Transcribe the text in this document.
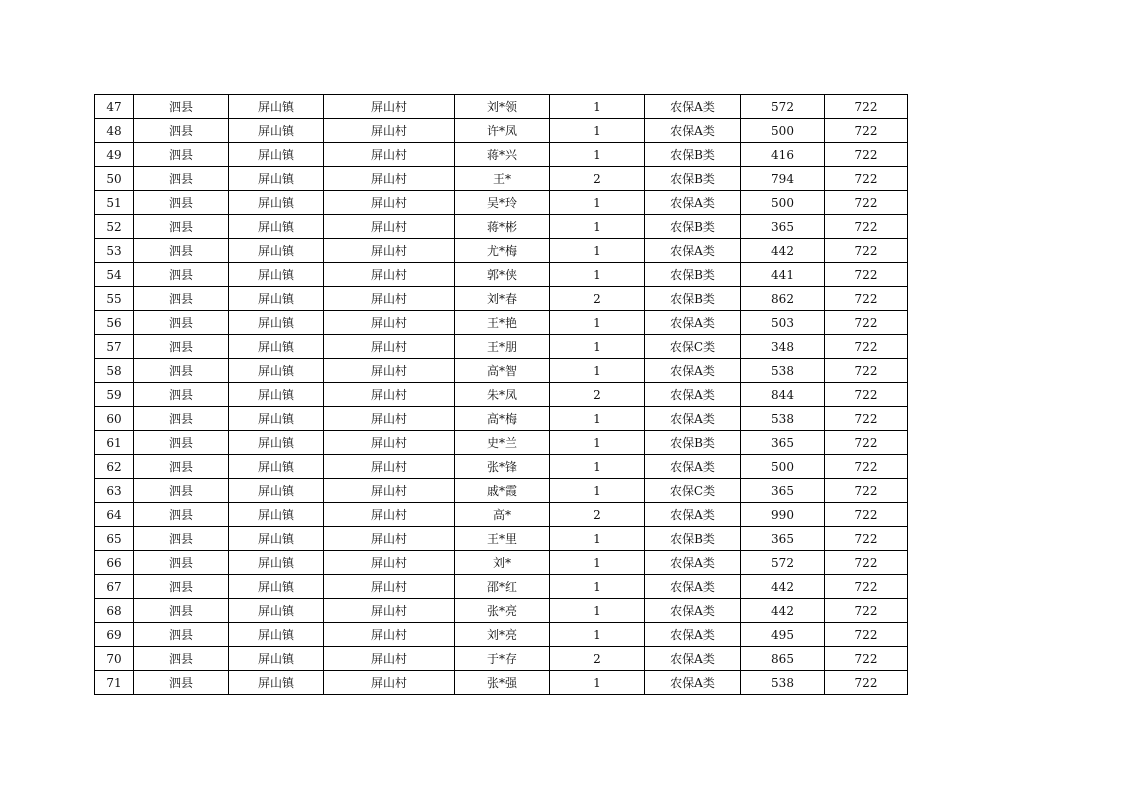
47	泗县	屏山镇	屏山村	刘*领	1	农保A类	572	722
48	泗县	屏山镇	屏山村	许*凤	1	农保A类	500	722
49	泗县	屏山镇	屏山村	蒋*兴	1	农保B类	416	722
50	泗县	屏山镇	屏山村	王*	2	农保B类	794	722
51	泗县	屏山镇	屏山村	吴*玲	1	农保A类	500	722
52	泗县	屏山镇	屏山村	蒋*彬	1	农保B类	365	722
53	泗县	屏山镇	屏山村	尤*梅	1	农保A类	442	722
54	泗县	屏山镇	屏山村	郭*侠	1	农保B类	441	722
55	泗县	屏山镇	屏山村	刘*春	2	农保B类	862	722
56	泗县	屏山镇	屏山村	王*艳	1	农保A类	503	722
57	泗县	屏山镇	屏山村	王*朋	1	农保C类	348	722
58	泗县	屏山镇	屏山村	高*智	1	农保A类	538	722
59	泗县	屏山镇	屏山村	朱*凤	2	农保A类	844	722
60	泗县	屏山镇	屏山村	高*梅	1	农保A类	538	722
61	泗县	屏山镇	屏山村	史*兰	1	农保B类	365	722
62	泗县	屏山镇	屏山村	张*锋	1	农保A类	500	722
63	泗县	屏山镇	屏山村	戚*霞	1	农保C类	365	722
64	泗县	屏山镇	屏山村	高*	2	农保A类	990	722
65	泗县	屏山镇	屏山村	王*里	1	农保B类	365	722
66	泗县	屏山镇	屏山村	刘*	1	农保A类	572	722
67	泗县	屏山镇	屏山村	邵*红	1	农保A类	442	722
68	泗县	屏山镇	屏山村	张*亮	1	农保A类	442	722
69	泗县	屏山镇	屏山村	刘*亮	1	农保A类	495	722
70	泗县	屏山镇	屏山村	于*存	2	农保A类	865	722
71	泗县	屏山镇	屏山村	张*强	1	农保A类	538	722
